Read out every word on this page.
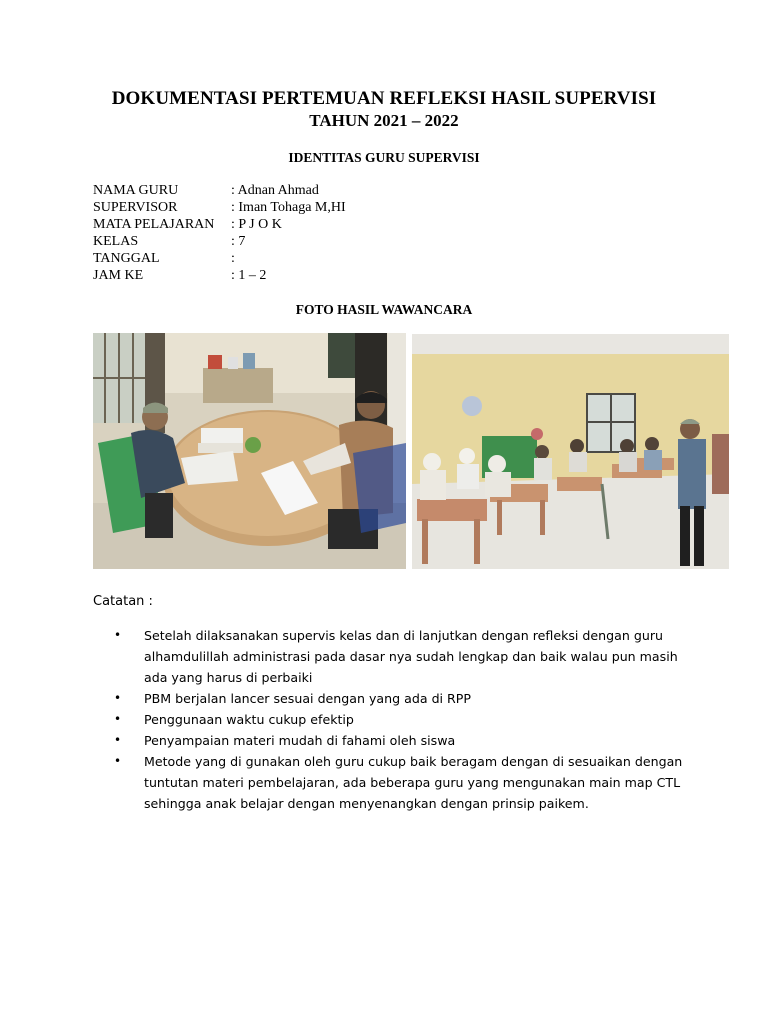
DOKUMENTASI PERTEMUAN REFLEKSI HASIL SUPERVISI
TAHUN 2021 – 2022
IDENTITAS GURU SUPERVISI
NAMA GURU	: Adnan Ahmad
SUPERVISOR	: Iman Tohaga M,HI
MATA PELAJARAN	: P J O K
KELAS	: 7
TANGGAL	:
JAM KE	: 1 – 2
FOTO HASIL WAWANCARA
Catatan :
• Setelah dilaksanakan supervis kelas dan di lanjutkan dengan refleksi dengan guru alhamdulillah administrasi pada dasar nya sudah lengkap dan baik walau pun masih ada yang harus di perbaiki
• PBM berjalan lancer sesuai dengan yang ada di RPP
• Penggunaan waktu cukup efektip
• Penyampaian materi mudah di fahami oleh siswa
• Metode yang di gunakan oleh guru cukup baik beragam dengan di sesuaikan dengan tuntutan materi pembelajaran, ada beberapa guru yang mengunakan main map CTL sehingga anak belajar dengan menyenangkan dengan prinsip paikem.
